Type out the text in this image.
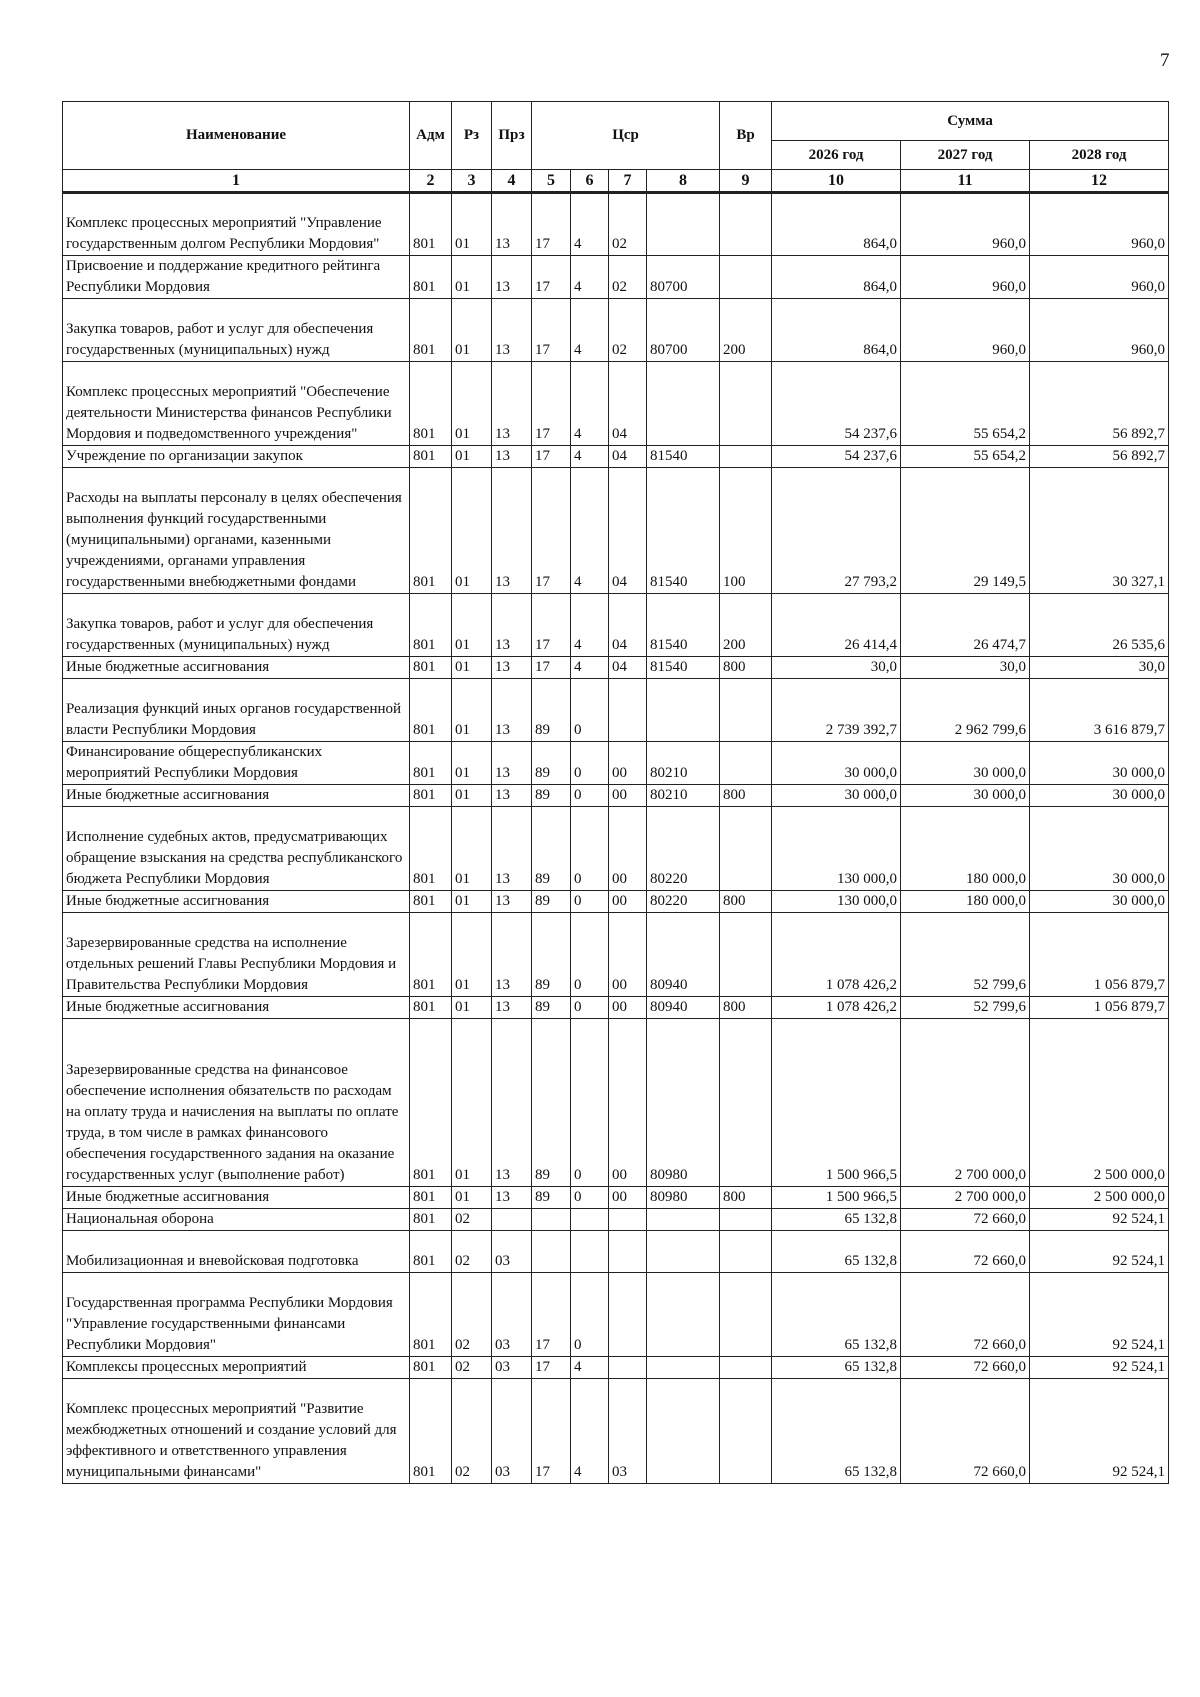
7
Наименование	Адм	Рз	Прз	Цср				Вр	Сумма		
									2026 год	2027 год	2028 год
1	2	3	4	5	6	7	8	9	10	11	12
Комплекс процессных мероприятий "Управление государственным долгом Республики Мордовия"	801	01	13	17	4	02			864,0	960,0	960,0
Присвоение и поддержание кредитного рейтинга Республики Мордовия	801	01	13	17	4	02	80700		864,0	960,0	960,0
Закупка товаров, работ и услуг для обеспечения государственных (муниципальных) нужд	801	01	13	17	4	02	80700	200	864,0	960,0	960,0
Комплекс процессных мероприятий "Обеспечение деятельности Министерства финансов Республики Мордовия и подведомственного учреждения"	801	01	13	17	4	04			54 237,6	55 654,2	56 892,7
Учреждение по организации закупок	801	01	13	17	4	04	81540		54 237,6	55 654,2	56 892,7
Расходы на выплаты персоналу в целях обеспечения выполнения функций государственными (муниципальными) органами, казенными учреждениями, органами управления государственными внебюджетными фондами	801	01	13	17	4	04	81540	100	27 793,2	29 149,5	30 327,1
Закупка товаров, работ и услуг для обеспечения государственных (муниципальных) нужд	801	01	13	17	4	04	81540	200	26 414,4	26 474,7	26 535,6
Иные бюджетные ассигнования	801	01	13	17	4	04	81540	800	30,0	30,0	30,0
Реализация функций иных органов государственной власти Республики Мордовия	801	01	13	89	0				2 739 392,7	2 962 799,6	3 616 879,7
Финансирование общереспубликанских мероприятий Республики Мордовия	801	01	13	89	0	00	80210		30 000,0	30 000,0	30 000,0
Иные бюджетные ассигнования	801	01	13	89	0	00	80210	800	30 000,0	30 000,0	30 000,0
Исполнение судебных актов, предусматривающих обращение взыскания на средства республиканского бюджета Республики Мордовия	801	01	13	89	0	00	80220		130 000,0	180 000,0	30 000,0
Иные бюджетные ассигнования	801	01	13	89	0	00	80220	800	130 000,0	180 000,0	30 000,0
Зарезервированные средства на исполнение отдельных решений Главы Республики Мордовия и Правительства Республики Мордовия	801	01	13	89	0	00	80940		1 078 426,2	52 799,6	1 056 879,7
Иные бюджетные ассигнования	801	01	13	89	0	00	80940	800	1 078 426,2	52 799,6	1 056 879,7
Зарезервированные средства на финансовое обеспечение исполнения обязательств по расходам на оплату труда и начисления на выплаты по оплате труда, в том числе в рамках финансового обеспечения государственного задания на оказание государственных услуг (выполнение работ)	801	01	13	89	0	00	80980		1 500 966,5	2 700 000,0	2 500 000,0
Иные бюджетные ассигнования	801	01	13	89	0	00	80980	800	1 500 966,5	2 700 000,0	2 500 000,0
Национальная оборона	801	02							65 132,8	72 660,0	92 524,1
Мобилизационная и вневойсковая подготовка	801	02	03						65 132,8	72 660,0	92 524,1
Государственная программа Республики Мордовия "Управление государственными финансами Республики Мордовия"	801	02	03	17	0				65 132,8	72 660,0	92 524,1
Комплексы процессных мероприятий	801	02	03	17	4				65 132,8	72 660,0	92 524,1
Комплекс процессных мероприятий "Развитие межбюджетных отношений и создание условий для эффективного и ответственного управления муниципальными финансами"	801	02	03	17	4	03			65 132,8	72 660,0	92 524,1
